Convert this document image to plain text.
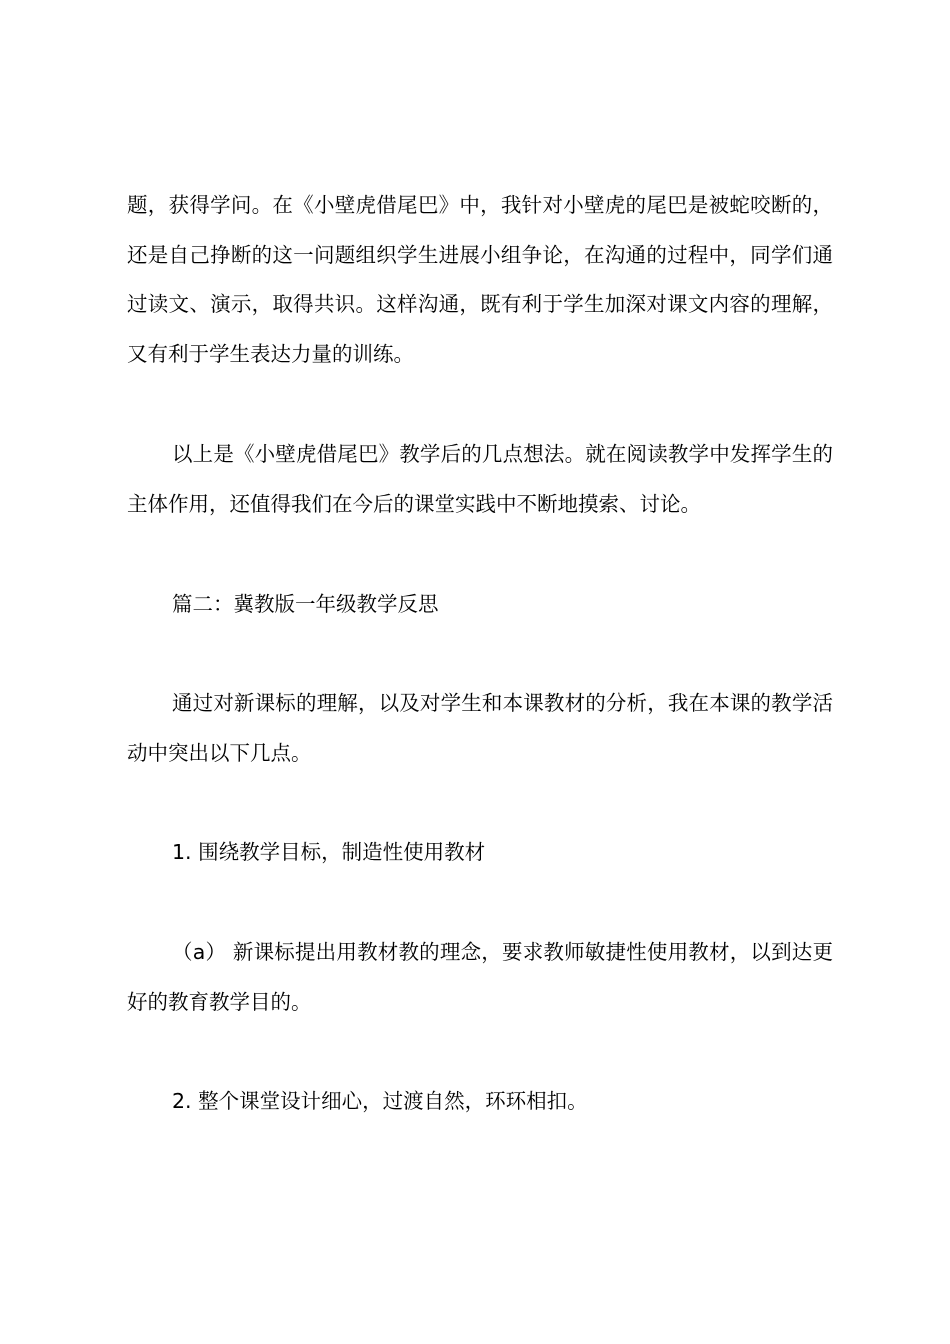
题，获得学问。在《小壁虎借尾巴》中，我针对小壁虎的尾巴是被蛇咬断的，还是自己挣断的这一问题组织学生进展小组争论，在沟通的过程中，同学们通过读文、演示，取得共识。这样沟通，既有利于学生加深对课文内容的理解，又有利于学生表达力量的训练。

以上是《小壁虎借尾巴》教学后的几点想法。就在阅读教学中发挥学生的主体作用，还值得我们在今后的课堂实践中不断地摸索、讨论。

篇二：冀教版一年级教学反思

通过对新课标的理解，以及对学生和本课教材的分析，我在本课的教学活动中突出以下几点。

1. 围绕教学目标，制造性使用教材

（a） 新课标提出用教材教的理念，要求教师敏捷性使用教材，以到达更好的教育教学目的。

2. 整个课堂设计细心，过渡自然，环环相扣。
